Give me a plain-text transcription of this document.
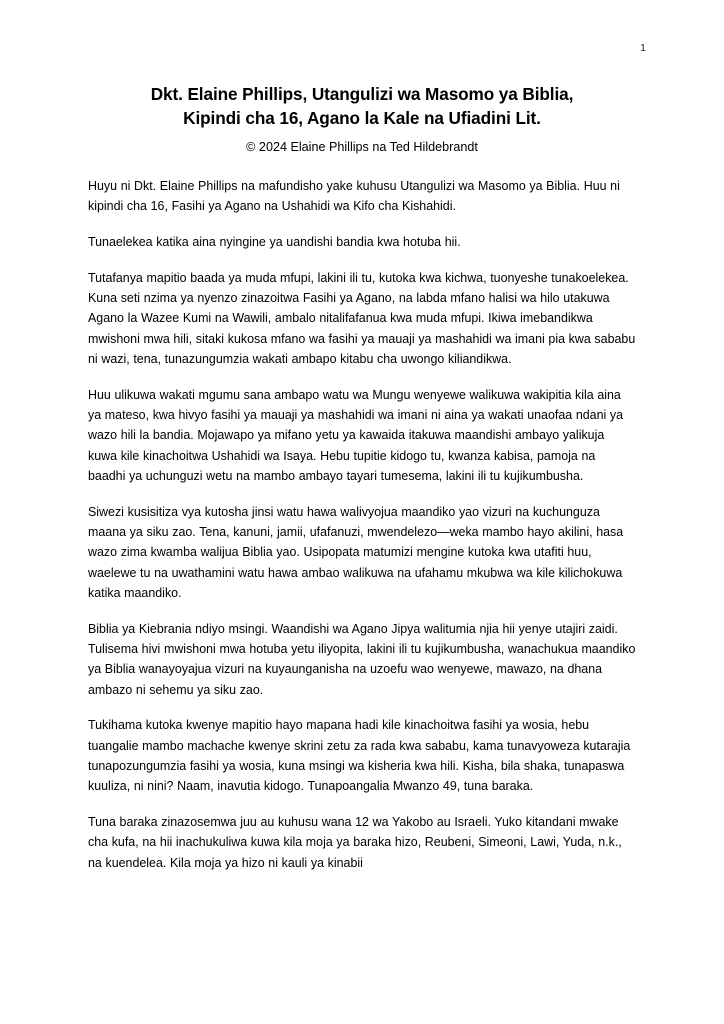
1
Dkt. Elaine Phillips, Utangulizi wa Masomo ya Biblia,
Kipindi cha 16, Agano la Kale na Ufiadini Lit.
© 2024 Elaine Phillips na Ted Hildebrandt

Huyu ni Dkt. Elaine Phillips na mafundisho yake kuhusu Utangulizi wa Masomo ya Biblia. Huu ni kipindi cha 16, Fasihi ya Agano na Ushahidi wa Kifo cha Kishahidi.

Tunaelekea katika aina nyingine ya uandishi bandia kwa hotuba hii.

Tutafanya mapitio baada ya muda mfupi, lakini ili tu, kutoka kwa kichwa, tuonyeshe tunakoelekea. Kuna seti nzima ya nyenzo zinazoitwa Fasihi ya Agano, na labda mfano halisi wa hilo utakuwa Agano la Wazee Kumi na Wawili, ambalo nitalifafanua kwa muda mfupi. Ikiwa imebandikwa mwishoni mwa hili, sitaki kukosa mfano wa fasihi ya mauaji ya mashahidi wa imani pia kwa sababu ni wazi, tena, tunazungumzia wakati ambapo kitabu cha uwongo kiliandikwa.

Huu ulikuwa wakati mgumu sana ambapo watu wa Mungu wenyewe walikuwa wakipitia kila aina ya mateso, kwa hivyo fasihi ya mauaji ya mashahidi wa imani ni aina ya wakati unaofaa ndani ya wazo hili la bandia. Mojawapo ya mifano yetu ya kawaida itakuwa maandishi ambayo yalikuja kuwa kile kinachoitwa Ushahidi wa Isaya. Hebu tupitie kidogo tu, kwanza kabisa, pamoja na baadhi ya uchunguzi wetu na mambo ambayo tayari tumesema, lakini ili tu kujikumbusha.

Siwezi kusisitiza vya kutosha jinsi watu hawa walivyojua maandiko yao vizuri na kuchunguza maana ya siku zao. Tena, kanuni, jamii, ufafanuzi, mwendelezo—weka mambo hayo akilini, hasa wazo zima kwamba walijua Biblia yao. Usipopata matumizi mengine kutoka kwa utafiti huu, waelewe tu na uwathamini watu hawa ambao walikuwa na ufahamu mkubwa wa kile kilichokuwa katika maandiko.

Biblia ya Kiebrania ndiyo msingi. Waandishi wa Agano Jipya walitumia njia hii yenye utajiri zaidi. Tulisema hivi mwishoni mwa hotuba yetu iliyopita, lakini ili tu kujikumbusha, wanachukua maandiko ya Biblia wanayoyajua vizuri na kuyaunganisha na uzoefu wao wenyewe, mawazo, na dhana ambazo ni sehemu ya siku zao.

Tukihama kutoka kwenye mapitio hayo mapana hadi kile kinachoitwa fasihi ya wosia, hebu tuangalie mambo machache kwenye skrini zetu za rada kwa sababu, kama tunavyoweza kutarajia tunapozungumzia fasihi ya wosia, kuna msingi wa kisheria kwa hili. Kisha, bila shaka, tunapaswa kuuliza, ni nini? Naam, inavutia kidogo. Tunapoangalia Mwanzo 49, tuna baraka.

Tuna baraka zinazosemwa juu au kuhusu wana 12 wa Yakobo au Israeli. Yuko kitandani mwake cha kufa, na hii inachukuliwa kuwa kila moja ya baraka hizo, Reubeni, Simeoni, Lawi, Yuda, n.k., na kuendelea. Kila moja ya hizo ni kauli ya kinabii
